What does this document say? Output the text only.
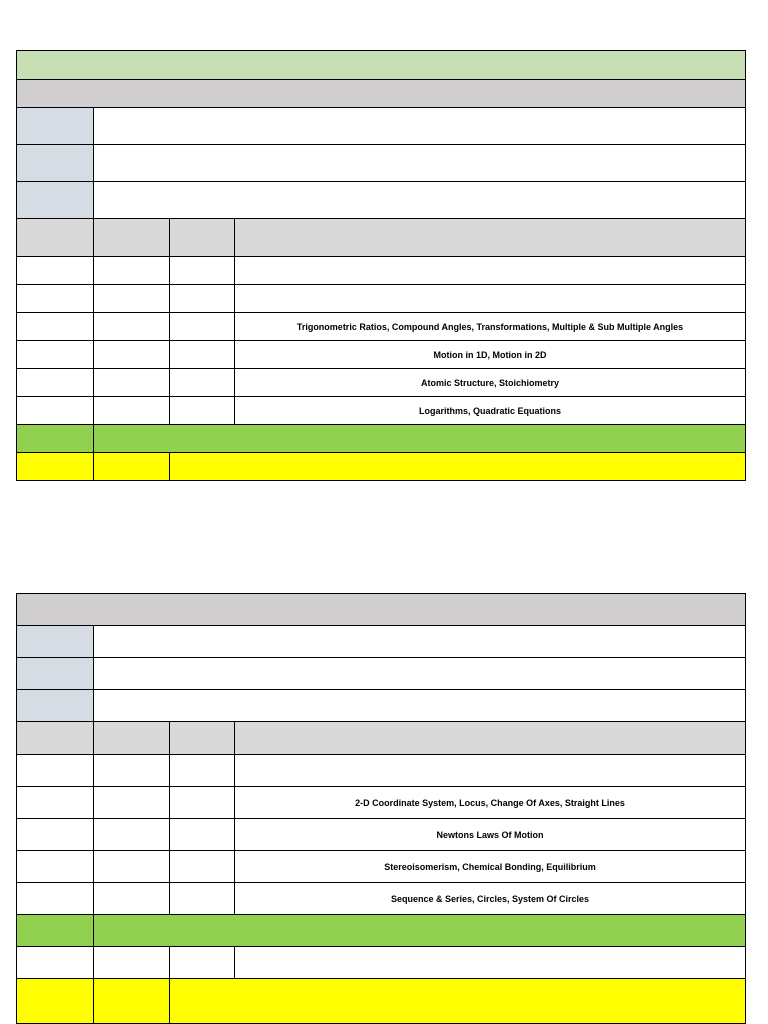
			Trigonometric Ratios, Compound Angles, Transformations, Multiple & Sub Multiple Angles
			Motion in 1D, Motion in 2D
			Atomic Structure, Stoichiometry
			Logarithms, Quadratic Equations

			2-D Coordinate System, Locus, Change Of Axes, Straight Lines
			Newtons Laws Of Motion
			Stereoisomerism, Chemical Bonding, Equilibrium
			Sequence & Series, Circles, System Of Circles
